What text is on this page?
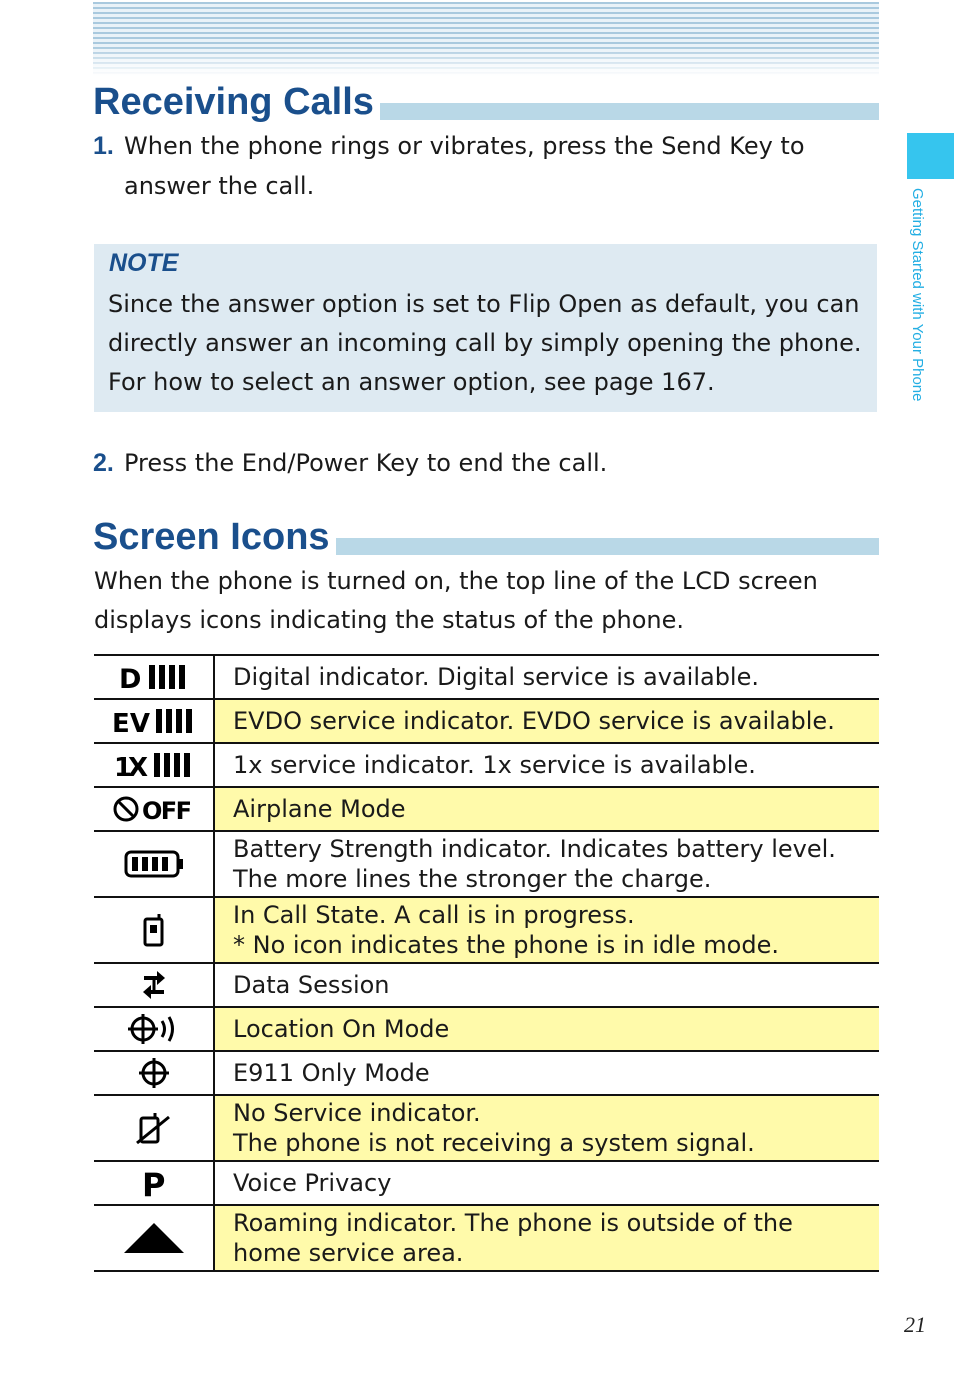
Getting Started with Your Phone
Receiving Calls
1. When the phone rings or vibrates, press the Send Key to answer the call.
NOTE
Since the answer option is set to Flip Open as default, you can directly answer an incoming call by simply opening the phone. For how to select an answer option, see page 167.
2. Press the End/Power Key to end the call.
Screen Icons
When the phone is turned on, the top line of the LCD screen displays icons indicating the status of the phone.
D	Digital indicator. Digital service is available.

EV	EVDO service indicator. EVDO service is available.

1X	1x service indicator. 1x service is available.

OFF	Airplane Mode

	Battery Strength indicator. Indicates battery level.
The more lines the stronger the charge.

	In Call State. A call is in progress.
* No icon indicates the phone is in idle mode.

	Data Session

	Location On Mode

	E911 Only Mode

	No Service indicator.
The phone is not receiving a system signal.

P	Voice Privacy

	Roaming indicator. The phone is outside of the
home service area.
21
